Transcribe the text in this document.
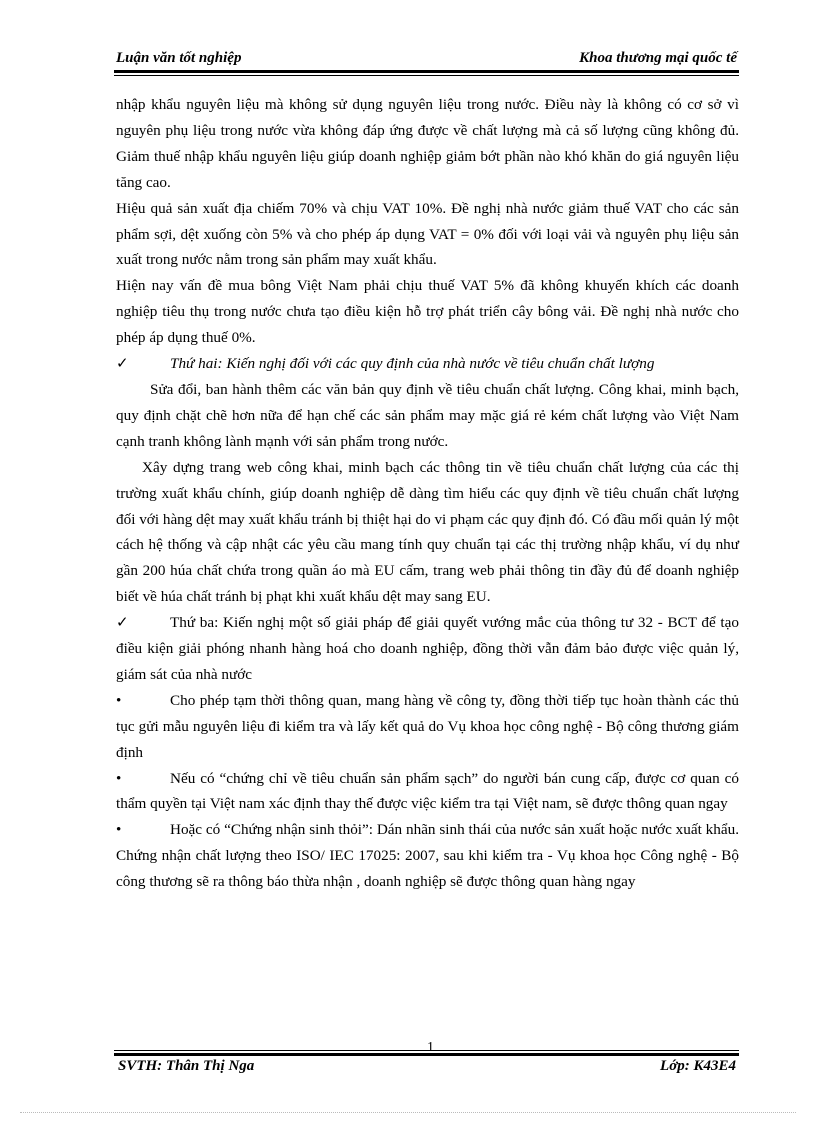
Luận văn tốt nghiệp	Khoa thương mại quốc tế

nhập khẩu nguyên liệu mà không sử dụng nguyên liệu trong nước. Điều này là không có cơ sở vì nguyên phụ liệu trong nước vừa không đáp ứng được về chất lượng mà cả số lượng cũng không đủ. Giảm thuế nhập khẩu nguyên liệu giúp doanh nghiệp giảm bớt phần nào khó khăn do giá nguyên liệu tăng cao.

Hiệu quả sản xuất địa chiếm 70% và chịu VAT 10%. Đề nghị nhà nước giảm thuế VAT cho các sản phẩm sợi, dệt xuống còn 5% và cho phép áp dụng VAT = 0% đối với loại vải và nguyên phụ liệu sản xuất trong nước nằm trong sản phẩm may xuất khẩu.

Hiện nay vấn đề mua bông Việt Nam phải chịu thuế VAT 5% đã không khuyến khích các doanh nghiệp tiêu thụ trong nước chưa tạo điều kiện hỗ trợ phát triển cây bông vải. Đề nghị nhà nước cho phép áp dụng thuế 0%.

✓	Thứ hai: Kiến nghị đối với các quy định của nhà nước về tiêu chuẩn chất lượng

Sửa đổi, ban hành thêm các văn bản quy định về tiêu chuẩn chất lượng. Công khai, minh bạch, quy định chặt chẽ hơn nữa để hạn chế các sản phẩm may mặc giá rẻ kém chất lượng vào Việt Nam cạnh tranh không lành mạnh với sản phẩm trong nước.

Xây dựng trang web công khai, minh bạch các thông tin về tiêu chuẩn chất lượng của các thị trường xuất khẩu chính, giúp doanh nghiệp dễ dàng tìm hiểu các quy định về tiêu chuẩn chất lượng đối với hàng dệt may xuất khẩu tránh bị thiệt hại do vi phạm các quy định đó. Có đầu mối quản lý một cách hệ thống và cập nhật các yêu cầu mang tính quy chuẩn tại các thị trường nhập khẩu, ví dụ như gần 200 húa chất chứa trong quần áo mà EU cấm, trang web phải thông tin đầy đủ để doanh nghiệp biết về húa chất tránh bị phạt khi xuất khẩu dệt may sang EU.

✓	Thứ ba: Kiến nghị một số giải pháp để giải quyết vướng mắc của thông tư 32 - BCT để tạo điều kiện giải phóng nhanh hàng hoá cho doanh nghiệp, đồng thời vẫn đảm bảo được việc quản lý, giám sát của nhà nước

•	Cho phép tạm thời thông quan, mang hàng về công ty, đồng thời tiếp tục hoàn thành các thủ tục gửi mẫu nguyên liệu đi kiểm tra và lấy kết quả do Vụ khoa học công nghệ - Bộ công thương giám định

•	Nếu có “chứng chỉ về tiêu chuẩn sản phẩm sạch” do người bán cung cấp, được cơ quan có thẩm quyền tại Việt nam xác định thay thế được việc kiểm tra tại Việt nam, sẽ được thông quan ngay

•	Hoặc có “Chứng nhận sinh thỏi”: Dán nhãn sinh thái của nước sản xuất hoặc nước xuất khẩu. Chứng nhận chất lượng theo ISO/ IEC 17025: 2007, sau khi kiểm tra - Vụ khoa học Công nghệ - Bộ công thương sẽ ra thông báo thừa nhận , doanh nghiệp sẽ được thông quan hàng ngay

1
SVTH: Thân Thị Nga	Lớp: K43E4
